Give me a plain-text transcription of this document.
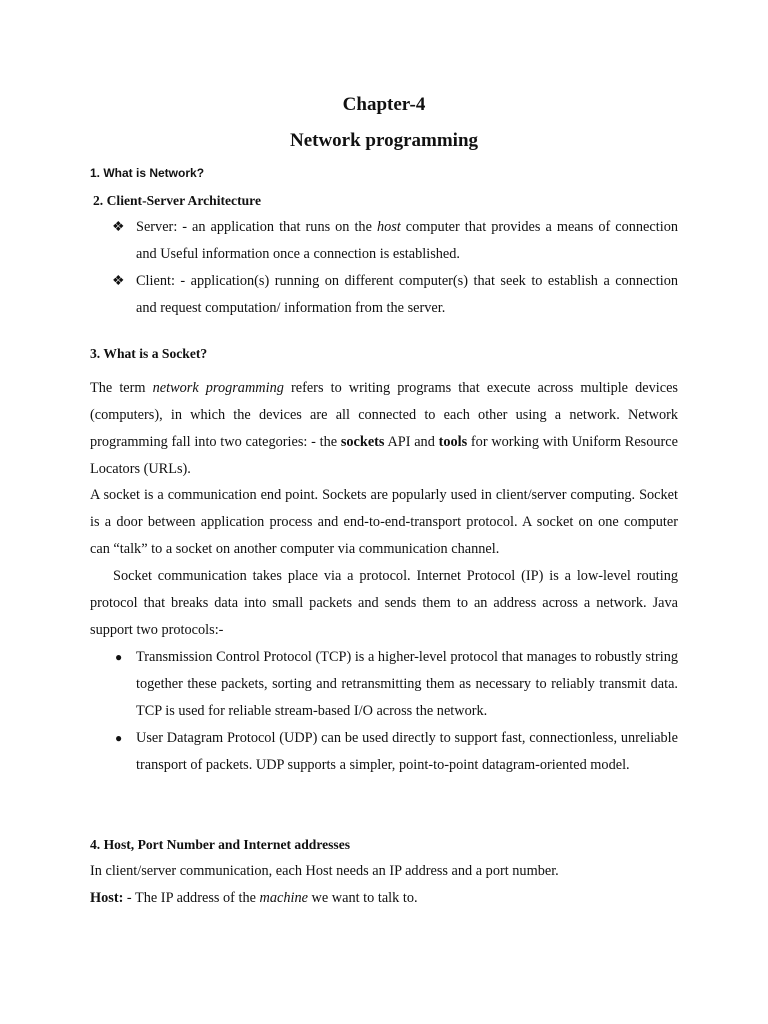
Chapter-4
Network programming
1. What is Network?
2. Client-Server Architecture
❖ Server: - an application that runs on the host computer that provides a means of connection and Useful information once a connection is established.
❖ Client: - application(s) running on different computer(s) that seek to establish a connection and request computation/ information from the server.
3. What is a Socket?
The term network programming refers to writing programs that execute across multiple devices (computers), in which the devices are all connected to each other using a network. Network programming fall into two categories: - the sockets API and tools for working with Uniform Resource Locators (URLs).
A socket is a communication end point. Sockets are popularly used in client/server computing. Socket is a door between application process and end-to-end-transport protocol. A socket on one computer can “talk” to a socket on another computer via communication channel.
Socket communication takes place via a protocol. Internet Protocol (IP) is a low-level routing protocol that breaks data into small packets and sends them to an address across a network. Java support two protocols:-
● Transmission Control Protocol (TCP) is a higher-level protocol that manages to robustly string together these packets, sorting and retransmitting them as necessary to reliably transmit data. TCP is used for reliable stream-based I/O across the network.
● User Datagram Protocol (UDP) can be used directly to support fast, connectionless, unreliable transport of packets. UDP supports a simpler, point-to-point datagram-oriented model.
4. Host, Port Number and Internet addresses
In client/server communication, each Host needs an IP address and a port number.
Host: - The IP address of the machine we want to talk to.
